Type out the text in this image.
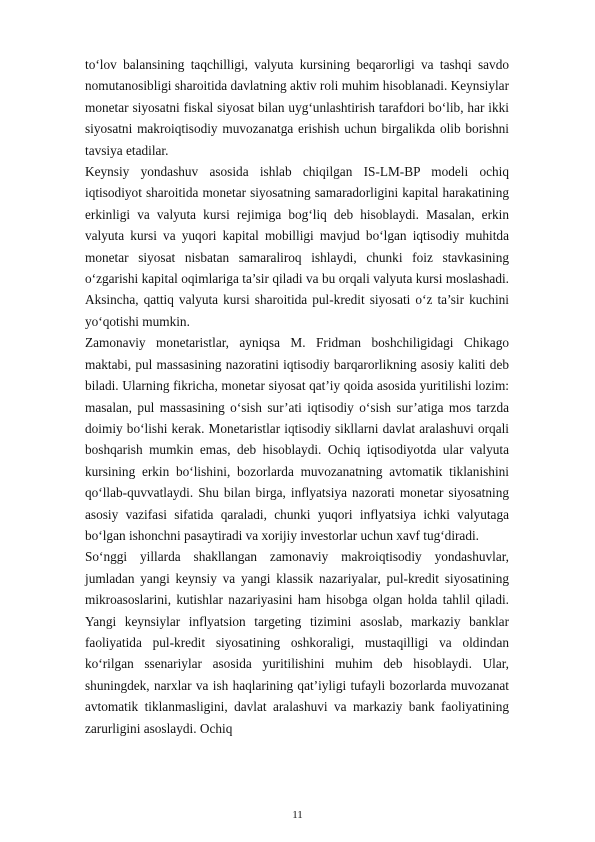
to‘lov balansining taqchilligi, valyuta kursining beqarorligi va tashqi savdo nomutanosibligi sharoitida davlatning aktiv roli muhim hisoblanadi. Keynsiylar monetar siyosatni fiskal siyosat bilan uyg‘unlashtirish tarafdori bo‘lib, har ikki siyosatni makroiqtisodiy muvozanatga erishish uchun birgalikda olib borishni tavsiya etadilar.

Keynsiy yondashuv asosida ishlab chiqilgan IS-LM-BP modeli ochiq iqtisodiyot sharoitida monetar siyosatning samaradorligini kapital harakatining erkinligi va valyuta kursi rejimiga bog‘liq deb hisoblaydi. Masalan, erkin valyuta kursi va yuqori kapital mobilligi mavjud bo‘lgan iqtisodiy muhitda monetar siyosat nisbatan samaraliroq ishlaydi, chunki foiz stavkasining o‘zgarishi kapital oqimlariga ta’sir qiladi va bu orqali valyuta kursi moslashadi. Aksincha, qattiq valyuta kursi sharoitida pul-kredit siyosati o‘z ta’sir kuchini yo‘qotishi mumkin.

Zamonaviy monetaristlar, ayniqsa M. Fridman boshchiligidagi Chikago maktabi, pul massasining nazoratini iqtisodiy barqarorlikning asosiy kaliti deb biladi. Ularning fikricha, monetar siyosat qat’iy qoida asosida yuritilishi lozim: masalan, pul massasining o‘sish sur’ati iqtisodiy o‘sish sur’atiga mos tarzda doimiy bo‘lishi kerak. Monetaristlar iqtisodiy sikllarni davlat aralashuvi orqali boshqarish mumkin emas, deb hisoblaydi. Ochiq iqtisodiyotda ular valyuta kursining erkin bo‘lishini, bozorlarda muvozanatning avtomatik tiklanishini qo‘llab-quvvatlaydi. Shu bilan birga, inflyatsiya nazorati monetar siyosatning asosiy vazifasi sifatida qaraladi, chunki yuqori inflyatsiya ichki valyutaga bo‘lgan ishonchni pasaytiradi va xorijiy investorlar uchun xavf tug‘diradi.

So‘nggi yillarda shakllangan zamonaviy makroiqtisodiy yondashuvlar, jumladan yangi keynsiy va yangi klassik nazariyalar, pul-kredit siyosatining mikroasoslarini, kutishlar nazariyasini ham hisobga olgan holda tahlil qiladi. Yangi keynsiylar inflyatsion targeting tizimini asoslab, markaziy banklar faoliyatida pul-kredit siyosatining oshkoraligi, mustaqilligi va oldindan ko‘rilgan ssenariylar asosida yuritilishini muhim deb hisoblaydi. Ular, shuningdek, narxlar va ish haqlarining qat’iyligi tufayli bozorlarda muvozanat avtomatik tiklanmasligini, davlat aralashuvi va markaziy bank faoliyatining zarurligini asoslaydi. Ochiq

11
